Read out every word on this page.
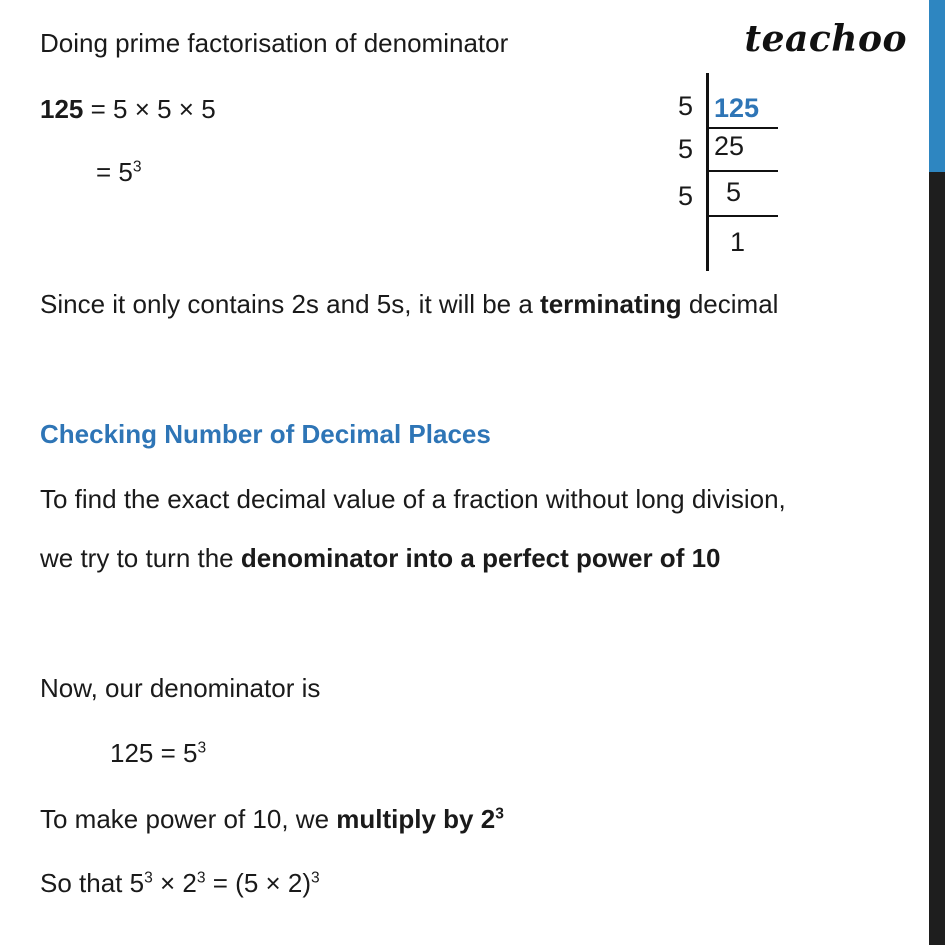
teachoo
Doing prime factorisation of denominator
125 = 5 × 5 × 5
= $5^3$
Since it only contains 2s and 5s, it will be a terminating decimal
Checking Number of Decimal Places
To find the exact decimal value of a fraction without long division,
we try to turn the denominator into a perfect power of 10
Now, our denominator is
$125 = 5^3$
To make power of 10, we multiply by $2^3$
So that $5^3 \times 2^3 = (5 \times 2)^3$
5 125
5 25
5 5
1
